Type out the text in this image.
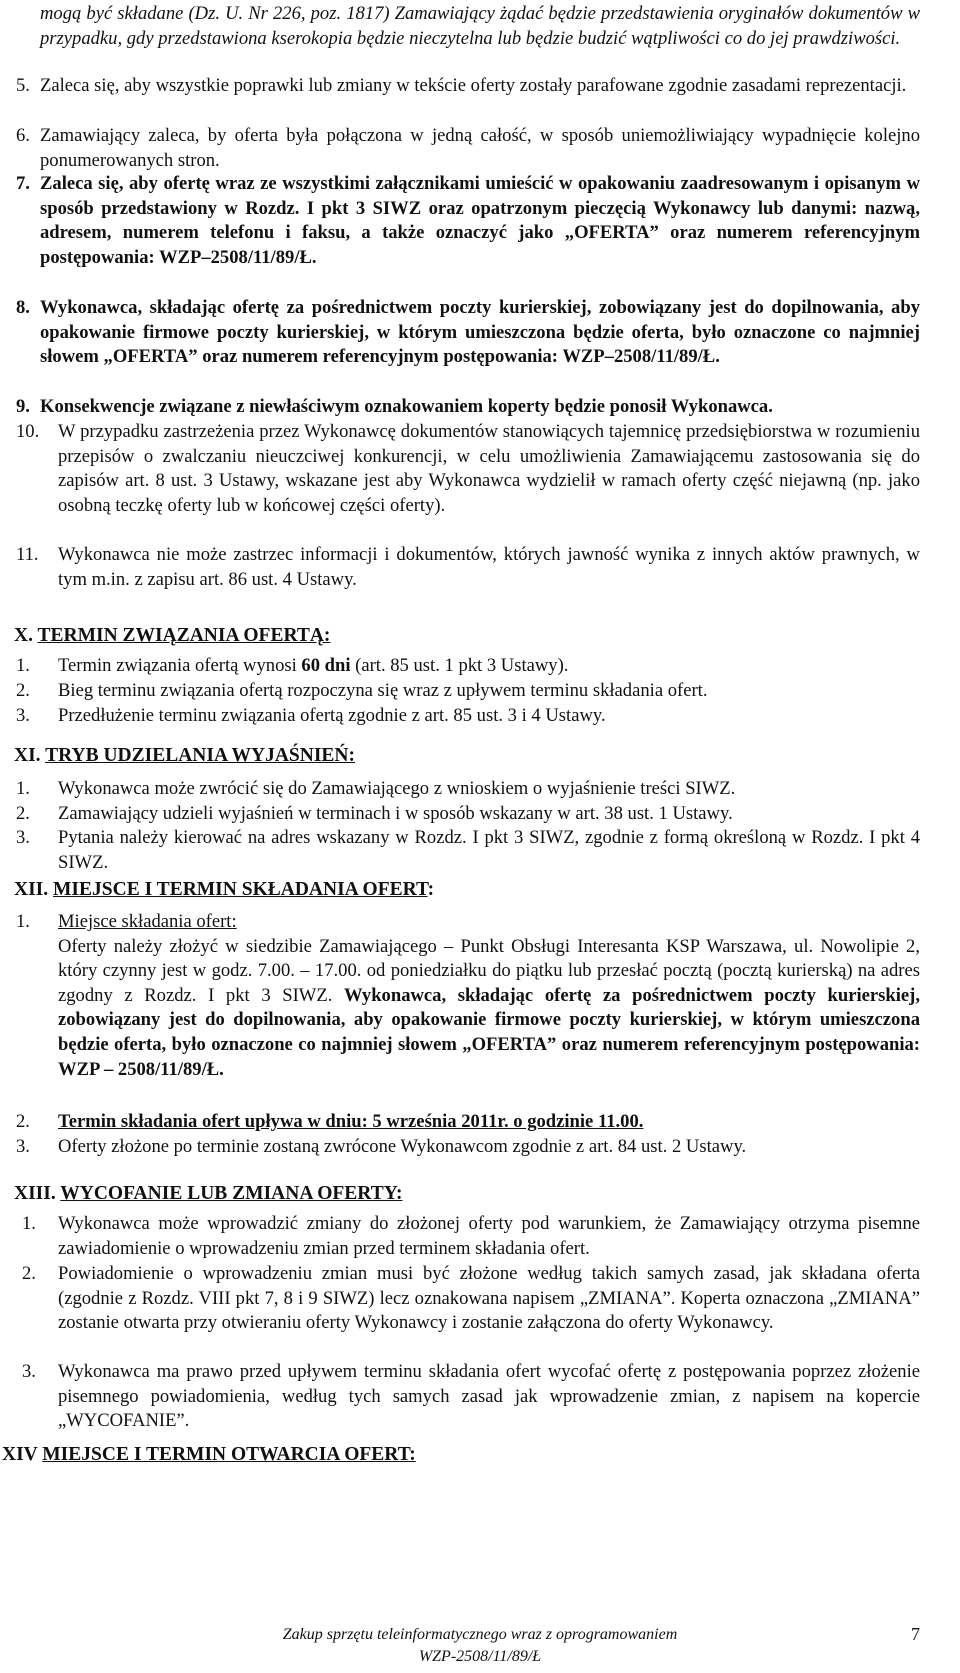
mogą być składane (Dz. U. Nr 226, poz. 1817) Zamawiający żądać będzie przedstawienia oryginałów dokumentów w przypadku, gdy przedstawiona kserokopia będzie nieczytelna lub będzie budzić wątpliwości co do jej prawdziwości.
5. Zaleca się, aby wszystkie poprawki lub zmiany w tekście oferty zostały parafowane zgodnie zasadami reprezentacji.
6. Zamawiający zaleca, by oferta była połączona w jedną całość, w sposób uniemożliwiający wypadnięcie kolejno ponumerowanych stron.
7. Zaleca się, aby ofertę wraz ze wszystkimi załącznikami umieścić w opakowaniu zaadresowanym i opisanym w sposób przedstawiony w Rozdz. I pkt 3 SIWZ oraz opatrzonym pieczęcią Wykonawcy lub danymi: nazwą, adresem, numerem telefonu i faksu, a także oznaczyć jako „OFERTA” oraz numerem referencyjnym postępowania: WZP–2508/11/89/Ł.
8. Wykonawca, składając ofertę za pośrednictwem poczty kurierskiej, zobowiązany jest do dopilnowania, aby opakowanie firmowe poczty kurierskiej, w którym umieszczona będzie oferta, było oznaczone co najmniej słowem „OFERTA” oraz numerem referencyjnym postępowania: WZP–2508/11/89/Ł.
9. Konsekwencje związane z niewłaściwym oznakowaniem koperty będzie ponosił Wykonawca.
10. W przypadku zastrzeżenia przez Wykonawcę dokumentów stanowiących tajemnicę przedsiębiorstwa w rozumieniu przepisów o zwalczaniu nieuczciwej konkurencji, w celu umożliwienia Zamawiającemu zastosowania się do zapisów art. 8 ust. 3 Ustawy, wskazane jest aby Wykonawca wydzielił w ramach oferty część niejawną (np. jako osobną teczkę oferty lub w końcowej części oferty).
11. Wykonawca nie może zastrzec informacji i dokumentów, których jawność wynika z innych aktów prawnych, w tym m.in. z zapisu art. 86 ust. 4 Ustawy.
X. TERMIN ZWIĄZANIA OFERTĄ:
1. Termin związania ofertą wynosi 60 dni (art. 85 ust. 1 pkt 3 Ustawy).
2. Bieg terminu związania ofertą rozpoczyna się wraz z upływem terminu składania ofert.
3. Przedłużenie terminu związania ofertą zgodnie z art. 85 ust. 3 i 4 Ustawy.
XI. TRYB UDZIELANIA WYJAŚNIEŃ:
1. Wykonawca może zwrócić się do Zamawiającego z wnioskiem o wyjaśnienie treści SIWZ.
2. Zamawiający udzieli wyjaśnień w terminach i w sposób wskazany w art. 38 ust. 1 Ustawy.
3. Pytania należy kierować na adres wskazany w Rozdz. I pkt 3 SIWZ, zgodnie z formą określoną w Rozdz. I pkt 4 SIWZ.
XII. MIEJSCE I TERMIN SKŁADANIA OFERT:
1. Miejsce składania ofert:
Oferty należy złożyć w siedzibie Zamawiającego – Punkt Obsługi Interesanta KSP Warszawa, ul. Nowolipie 2, który czynny jest w godz. 7.00. – 17.00. od poniedziałku do piątku lub przesłać pocztą (pocztą kurierską) na adres zgodny z Rozdz. I pkt 3 SIWZ. Wykonawca, składając ofertę za pośrednictwem poczty kurierskiej, zobowiązany jest do dopilnowania, aby opakowanie firmowe poczty kurierskiej, w którym umieszczona będzie oferta, było oznaczone co najmniej słowem „OFERTA” oraz numerem referencyjnym postępowania: WZP – 2508/11/89/Ł.
2. Termin składania ofert upływa w dniu: 5 września 2011r. o godzinie 11.00.
3. Oferty złożone po terminie zostaną zwrócone Wykonawcom zgodnie z art. 84 ust. 2 Ustawy.
XIII. WYCOFANIE LUB ZMIANA OFERTY:
1. Wykonawca może wprowadzić zmiany do złożonej oferty pod warunkiem, że Zamawiający otrzyma pisemne zawiadomienie o wprowadzeniu zmian przed terminem składania ofert.
2. Powiadomienie o wprowadzeniu zmian musi być złożone według takich samych zasad, jak składana oferta (zgodnie z Rozdz. VIII pkt 7, 8 i 9 SIWZ) lecz oznakowana napisem „ZMIANA”. Koperta oznaczona „ZMIANA” zostanie otwarta przy otwieraniu oferty Wykonawcy i zostanie załączona do oferty Wykonawcy.
3. Wykonawca ma prawo przed upływem terminu składania ofert wycofać ofertę z postępowania poprzez złożenie pisemnego powiadomienia, według tych samych zasad jak wprowadzenie zmian, z napisem na kopercie „WYCOFANIE”.
XIV MIEJSCE I TERMIN OTWARCIA OFERT:
Zakup sprzętu teleinformatycznego wraz z oprogramowaniem
WZP-2508/11/89/Ł
7
